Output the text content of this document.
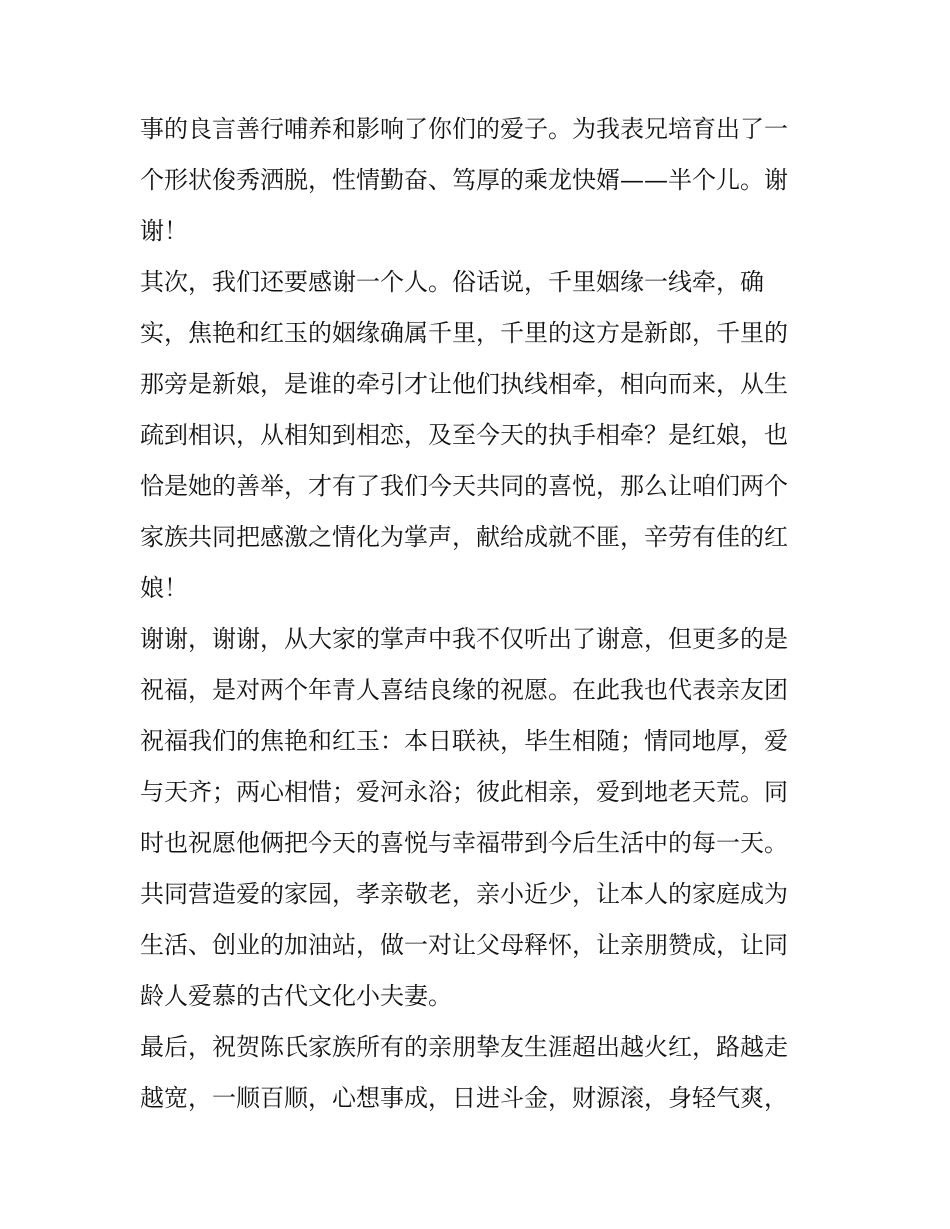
事的良言善行哺养和影响了你们的爱子。为我表兄培育出了一
个形状俊秀洒脱，性情勤奋、笃厚的乘龙快婿——半个儿。谢
谢！
其次，我们还要感谢一个人。俗话说，千里姻缘一线牵，确
实，焦艳和红玉的姻缘确属千里，千里的这方是新郎，千里的
那旁是新娘，是谁的牵引才让他们执线相牵，相向而来，从生
疏到相识，从相知到相恋，及至今天的执手相牵？是红娘，也
恰是她的善举，才有了我们今天共同的喜悦，那么让咱们两个
家族共同把感激之情化为掌声，献给成就不匪，辛劳有佳的红
娘！
谢谢，谢谢，从大家的掌声中我不仅听出了谢意，但更多的是
祝福，是对两个年青人喜结良缘的祝愿。在此我也代表亲友团
祝福我们的焦艳和红玉：本日联袂，毕生相随；情同地厚，爱
与天齐；两心相惜；爱河永浴；彼此相亲，爱到地老天荒。同
时也祝愿他俩把今天的喜悦与幸福带到今后生活中的每一天。
共同营造爱的家园，孝亲敬老，亲小近少，让本人的家庭成为
生活、创业的加油站，做一对让父母释怀，让亲朋赞成，让同
龄人爱慕的古代文化小夫妻。
最后，祝贺陈氏家族所有的亲朋挚友生涯超出越火红，路越走
越宽，一顺百顺，心想事成，日进斗金，财源滚，身轻气爽，
